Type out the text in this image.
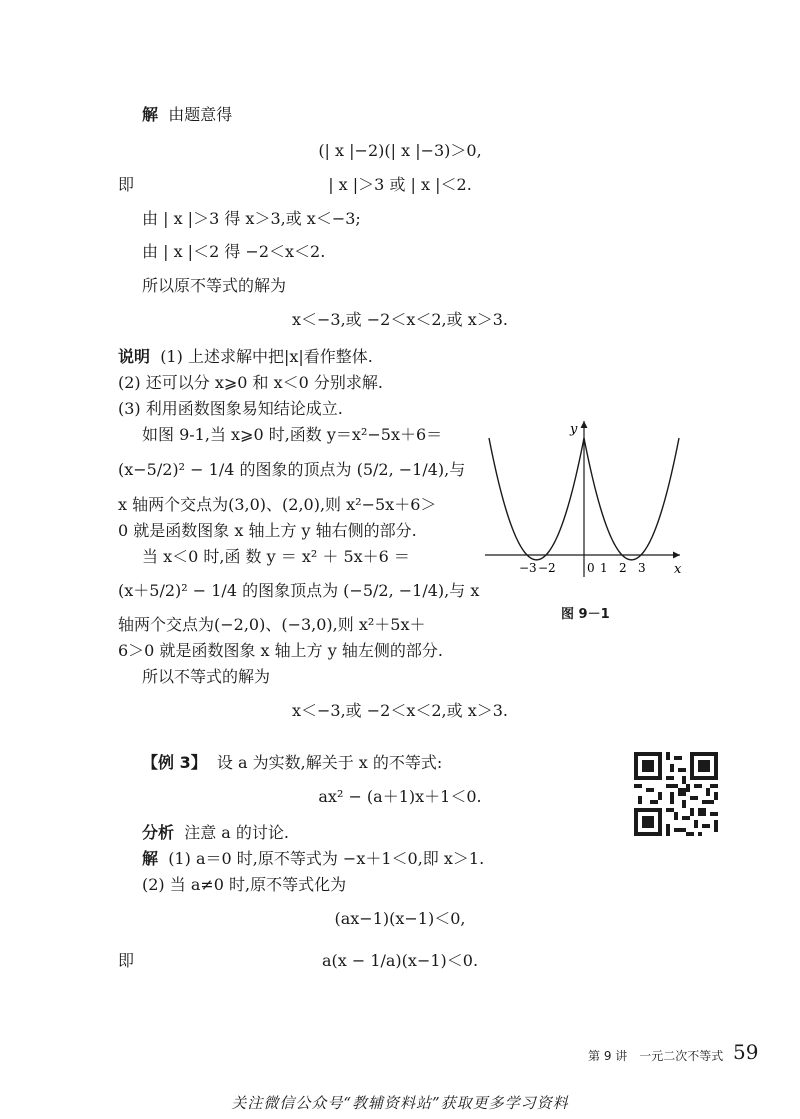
解 由题意得
(| x |−2)(| x |−3)＞0,
即	| x |＞3 或 | x |＜2.
由 | x |＞3 得 x＞3,或 x＜−3;
由 | x |＜2 得 −2＜x＜2.
所以原不等式的解为
x＜−3,或 −2＜x＜2,或 x＞3.
说明 (1) 上述求解中把|x|看作整体.
(2) 还可以分 x⩾0 和 x＜0 分别求解.
(3) 利用函数图象易知结论成立.
如图 9-1,当 x⩾0 时,函数 y＝x²−5x＋6＝
(x−5/2)² − 1/4 的图象的顶点为 (5/2, −1/4),与
x 轴两个交点为(3,0)、(2,0),则 x²−5x＋6＞
0 就是函数图象 x 轴上方 y 轴右侧的部分.
当 x＜0 时,函 数 y ＝ x² ＋ 5x＋6 ＝
(x＋5/2)² − 1/4 的图象顶点为 (−5/2, −1/4),与 x
轴两个交点为(−2,0)、(−3,0),则 x²＋5x＋
6＞0 就是函数图象 x 轴上方 y 轴左侧的部分.
所以不等式的解为
x＜−3,或 −2＜x＜2,或 x＞3.
x
y
−3 −2	0 1 2 3
图 9－1
【例 3】 设 a 为实数,解关于 x 的不等式:
ax² − (a＋1)x＋1＜0.
分析 注意 a 的讨论.
解 (1) a＝0 时,原不等式为 −x＋1＜0,即 x＞1.
(2) 当 a≠0 时,原不等式化为
(ax−1)(x−1)＜0,
即	a(x − 1/a)(x−1)＜0.
第 9 讲　一元二次不等式 59
关注微信公众号“教辅资料站”获取更多学习资料
